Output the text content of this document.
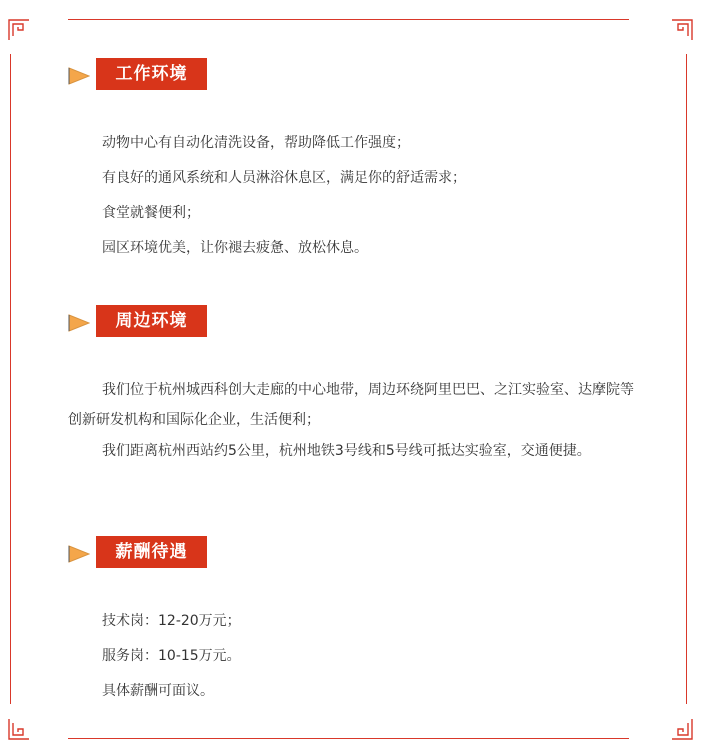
工作环境
动物中心有自动化清洗设备，帮助降低工作强度；
有良好的通风系统和人员淋浴休息区，满足你的舒适需求；
食堂就餐便利；
园区环境优美，让你褪去疲惫、放松休息。
周边环境
我们位于杭州城西科创大走廊的中心地带，周边环绕阿里巴巴、之江实验室、达摩院等创新研发机构和国际化企业，生活便利；
我们距离杭州西站约5公里，杭州地铁3号线和5号线可抵达实验室，交通便捷。
薪酬待遇
技术岗：12-20万元；
服务岗：10-15万元。
具体薪酬可面议。
